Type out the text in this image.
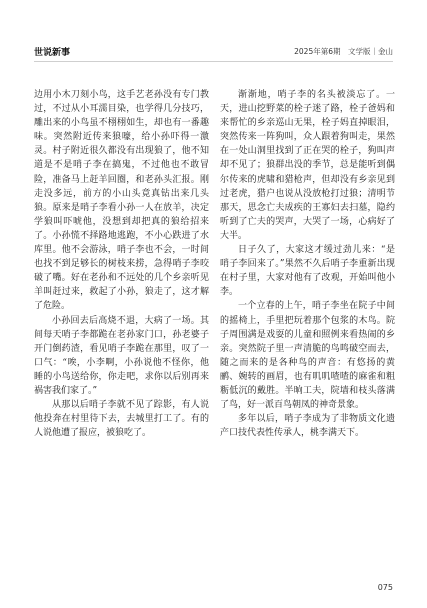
世说新事	2025年第6期　文学版｜金山

边用小木刀刻小鸟，这手艺老孙没有专门教过，不过从小耳濡目染，也学得几分技巧，雕出来的小鸟虽不栩栩如生，却也有一番趣味。突然附近传来狼嚎，给小孙吓得一激灵。村子附近很久都没有出现狼了，他不知道是不是哨子李在搞鬼，不过他也不敢冒险，准备马上赶羊回圈，和老孙头汇报。刚走没多远，前方的小山头竟真钻出来几头狼。原来是哨子李看小孙一人在放羊，决定学狼叫吓唬他，没想到却把真的狼给招来了。小孙慌不择路地逃跑，不小心跌进了水库里。他不会游泳，哨子李也不会，一时间也找不到足够长的树枝来捞，急得哨子李咬破了嘴。好在老孙和不远处的几个乡亲听见羊叫赶过来，救起了小孙，狼走了，这才解了危险。

小孙回去后高烧不退，大病了一场。其间每天哨子李都跪在老孙家门口，孙老婆子开门倒药渣，看见哨子李跪在那里，叹了一口气：“唉，小李啊，小孙说他不怪你，他睡的小鸟送给你，你走吧，求你以后别再来祸害我们家了。”

从那以后哨子李就不见了踪影，有人说他投奔在村里待下去，去城里打工了。有的人说他遭了报应，被狼吃了。

渐渐地，哨子李的名头被淡忘了。一天，进山挖野菜的栓子迷了路，栓子爸妈和来帮忙的乡亲巡山无果，栓子妈直掉眼泪，突然传来一阵狗叫，众人跟着狗叫走，果然在一处山洞里找到了正在哭的栓子，狗叫声却不见了；狼群出没的季节，总是能听到偶尔传来的虎啸和猎枪声，但却没有乡亲见到过老虎，猎户也说从没放枪打过狼；清明节那天，思念亡夫成疾的王寡妇去扫墓，隐约听到了亡夫的哭声，大哭了一场，心病好了大半。

日子久了，大家这才缓过劲儿来：“是哨子李回来了。”果然不久后哨子李重新出现在村子里，大家对他有了改观，开始叫他小李。

一个立春的上午，哨子李坐在院子中间的摇椅上，手里把玩着那个包浆的木鸟。院子周围满是戏耍的儿童和照例来看热闹的乡亲。突然院子里一声清脆的鸟鸣破空而去，随之而来的是各种鸟的声音：有悠扬的黄鹂、婉转的画眉，也有叽叽喳喳的麻雀和粗粝低沉的戴胜。半晌工夫，院墙和枝头落满了鸟，好一派百鸟朝凤的神奇景象。

多年以后，哨子李成为了非物质文化遗产口技代表性传承人，桃李满天下。

075
